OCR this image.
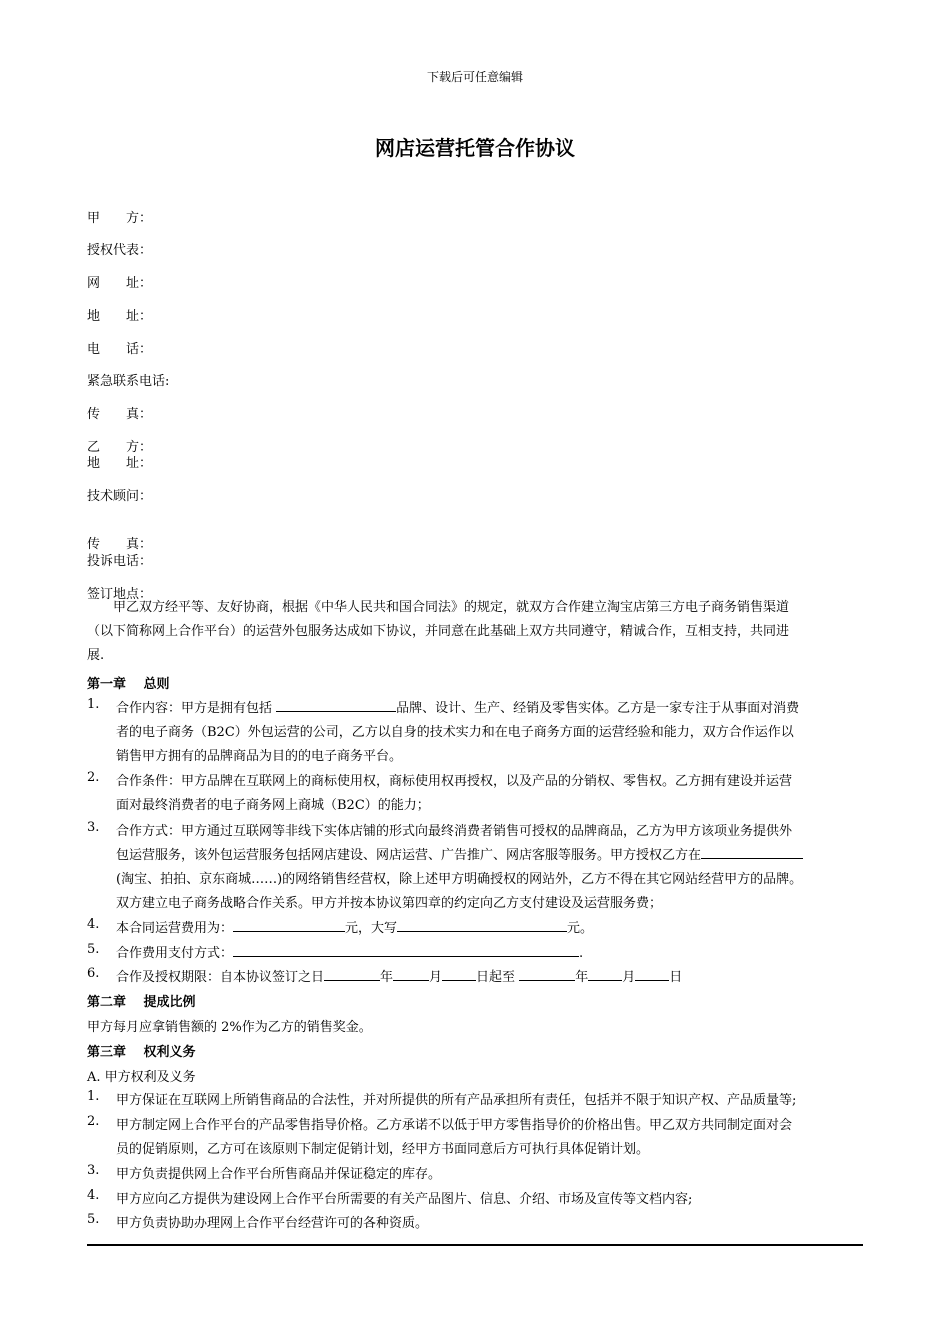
下载后可任意编辑
网店运营托管合作协议
甲　　方：
授权代表：
网　　址：
地　　址：
电　　话：
紧急联系电话:
传　　真：
乙　　方：
地　　址：
技术顾问：
传　　真：
投诉电话：
签订地点：
　　甲乙双方经平等、友好协商，根据《中华人民共和国合同法》的规定，就双方合作建立淘宝店第三方电子商务销售渠道
（以下简称网上合作平台）的运营外包服务达成如下协议，并同意在此基础上双方共同遵守，精诚合作，互相支持，共同进
展.
第一章　 总则
1. 合作内容：甲方是拥有包括	品牌、设计、生产、经销及零售实体。乙方是一家专注于从事面对消费
者的电子商务（B2C）外包运营的公司，乙方以自身的技术实力和在电子商务方面的运营经验和能力，双方合作运作以
销售甲方拥有的品牌商品为目的的电子商务平台。
2. 合作条件：甲方品牌在互联网上的商标使用权，商标使用权再授权，以及产品的分销权、零售权。乙方拥有建设并运营
面对最终消费者的电子商务网上商城（B2C）的能力；
3. 合作方式：甲方通过互联网等非线下实体店铺的形式向最终消费者销售可授权的品牌商品，乙方为甲方该项业务提供外
包运营服务，该外包运营服务包括网店建设、网店运营、广告推广、网店客服等服务。甲方授权乙方在
(淘宝、拍拍、京东商城……)的网络销售经营权，除上述甲方明确授权的网站外，乙方不得在其它网站经营甲方的品牌。
双方建立电子商务战略合作关系。甲方并按本协议第四章的约定向乙方支付建设及运营服务费；
4. 本合同运营费用为：	元，大写	元。
5. 合作费用支付方式：	.
6. 合作及授权期限：自本协议签订之日	年	月	日起至	年	月	日
第二章　 提成比例
甲方每月应拿销售额的 2%作为乙方的销售奖金。
第三章　 权利义务
A. 甲方权利及义务
1. 甲方保证在互联网上所销售商品的合法性，并对所提供的所有产品承担所有责任，包括并不限于知识产权、产品质量等;
2. 甲方制定网上合作平台的产品零售指导价格。乙方承诺不以低于甲方零售指导价的价格出售。甲乙双方共同制定面对会
员的促销原则，乙方可在该原则下制定促销计划，经甲方书面同意后方可执行具体促销计划。
3. 甲方负责提供网上合作平台所售商品并保证稳定的库存。
4. 甲方应向乙方提供为建设网上合作平台所需要的有关产品图片、信息、介绍、市场及宣传等文档内容;
5. 甲方负责协助办理网上合作平台经营许可的各种资质。
